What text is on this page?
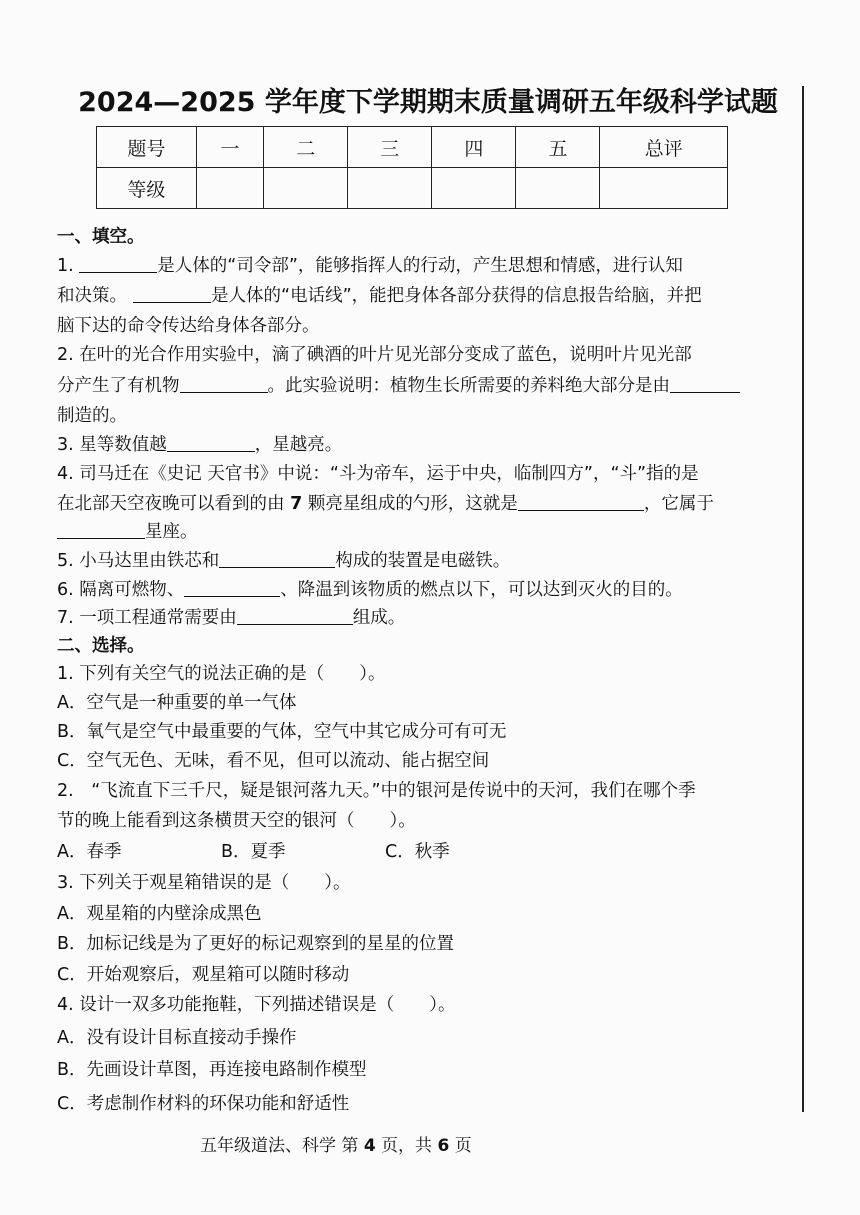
2024—2025 学年度下学期期末质量调研五年级科学试题
题号	一	二	三	四	五	总评
等级						
一、填空。
1.	是人体的“司令部”，能够指挥人的行动，产生思想和情感，进行认知
和决策。	是人体的“电话线”，能把身体各部分获得的信息报告给脑，并把
脑下达的命令传达给身体各部分。
2. 在叶的光合作用实验中，滴了碘酒的叶片见光部分变成了蓝色，说明叶片见光部
分产生了有机物	。此实验说明：植物生长所需要的养料绝大部分是由
制造的。
3. 星等数值越	，星越亮。
4. 司马迁在《史记 天官书》中说：“斗为帝车，运于中央，临制四方”，“斗”指的是
在北部天空夜晚可以看到的由 7 颗亮星组成的勺形，这就是	，它属于
星座。
5. 小马达里由铁芯和	构成的装置是电磁铁。
6. 隔离可燃物、	、降温到该物质的燃点以下，可以达到灭火的目的。
7. 一项工程通常需要由	组成。
二、选择。
1. 下列有关空气的说法正确的是（　　）。
A．空气是一种重要的单一气体
B．氧气是空气中最重要的气体，空气中其它成分可有可无
C．空气无色、无味，看不见，但可以流动、能占据空间
2.　“飞流直下三千尺，疑是银河落九天。”中的银河是传说中的天河，我们在哪个季
节的晚上能看到这条横贯天空的银河（　　）。
A．春季	B．夏季	C．秋季
3. 下列关于观星箱错误的是（　　）。
A．观星箱的内壁涂成黑色
B．加标记线是为了更好的标记观察到的星星的位置
C．开始观察后，观星箱可以随时移动
4. 设计一双多功能拖鞋，下列描述错误是（　　）。
A．没有设计目标直接动手操作
B．先画设计草图，再连接电路制作模型
C．考虑制作材料的环保功能和舒适性
五年级道法、科学 第 4 页，共 6 页
